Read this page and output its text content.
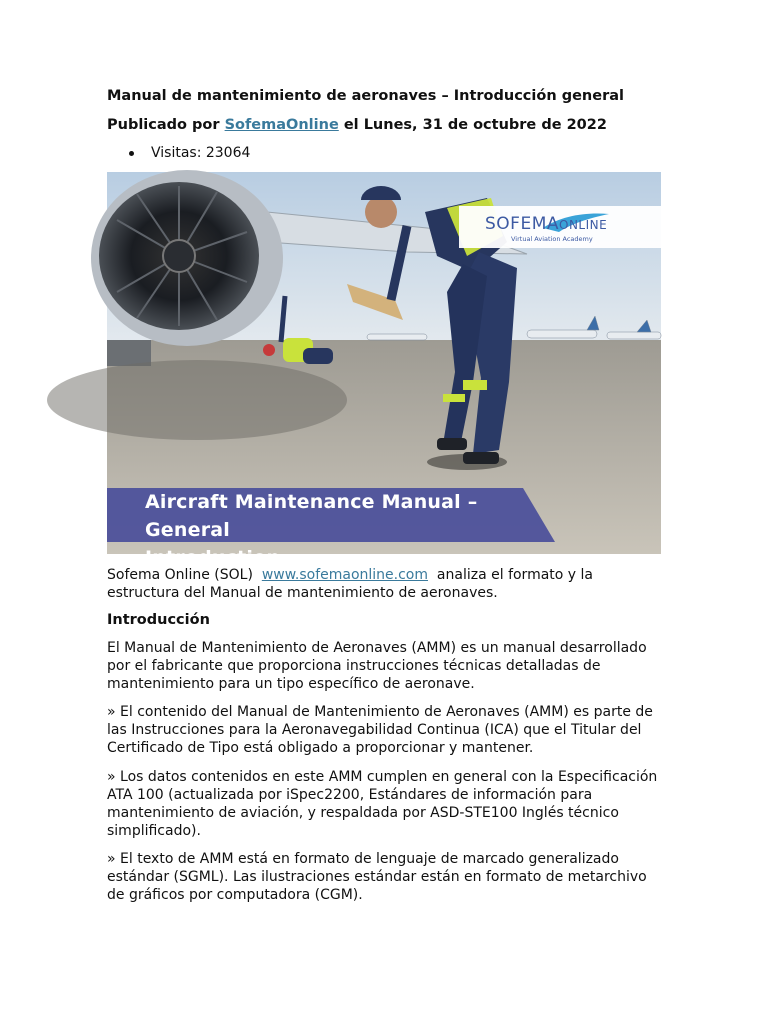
Manual de mantenimiento de aeronaves – Introducción general
Publicado por SofemaOnline el Lunes, 31 de octubre de 2022
Visitas: 23064
SOFEMAONLINE
Virtual Aviation Academy
Aircraft Maintenance Manual – General
Introduction

Sofema Online (SOL) www.sofemaonline.com analiza el formato y la estructura del Manual de mantenimiento de aeronaves.

Introducción

El Manual de Mantenimiento de Aeronaves (AMM) es un manual desarrollado por el fabricante que proporciona instrucciones técnicas detalladas de mantenimiento para un tipo específico de aeronave.

» El contenido del Manual de Mantenimiento de Aeronaves (AMM) es parte de las Instrucciones para la Aeronavegabilidad Continua (ICA) que el Titular del Certificado de Tipo está obligado a proporcionar y mantener.

» Los datos contenidos en este AMM cumplen en general con la Especificación ATA 100 (actualizada por iSpec2200, Estándares de información para mantenimiento de aviación, y respaldada por ASD-STE100 Inglés técnico simplificado).

» El texto de AMM está en formato de lenguaje de marcado generalizado estándar (SGML). Las ilustraciones estándar están en formato de metarchivo de gráficos por computadora (CGM).
